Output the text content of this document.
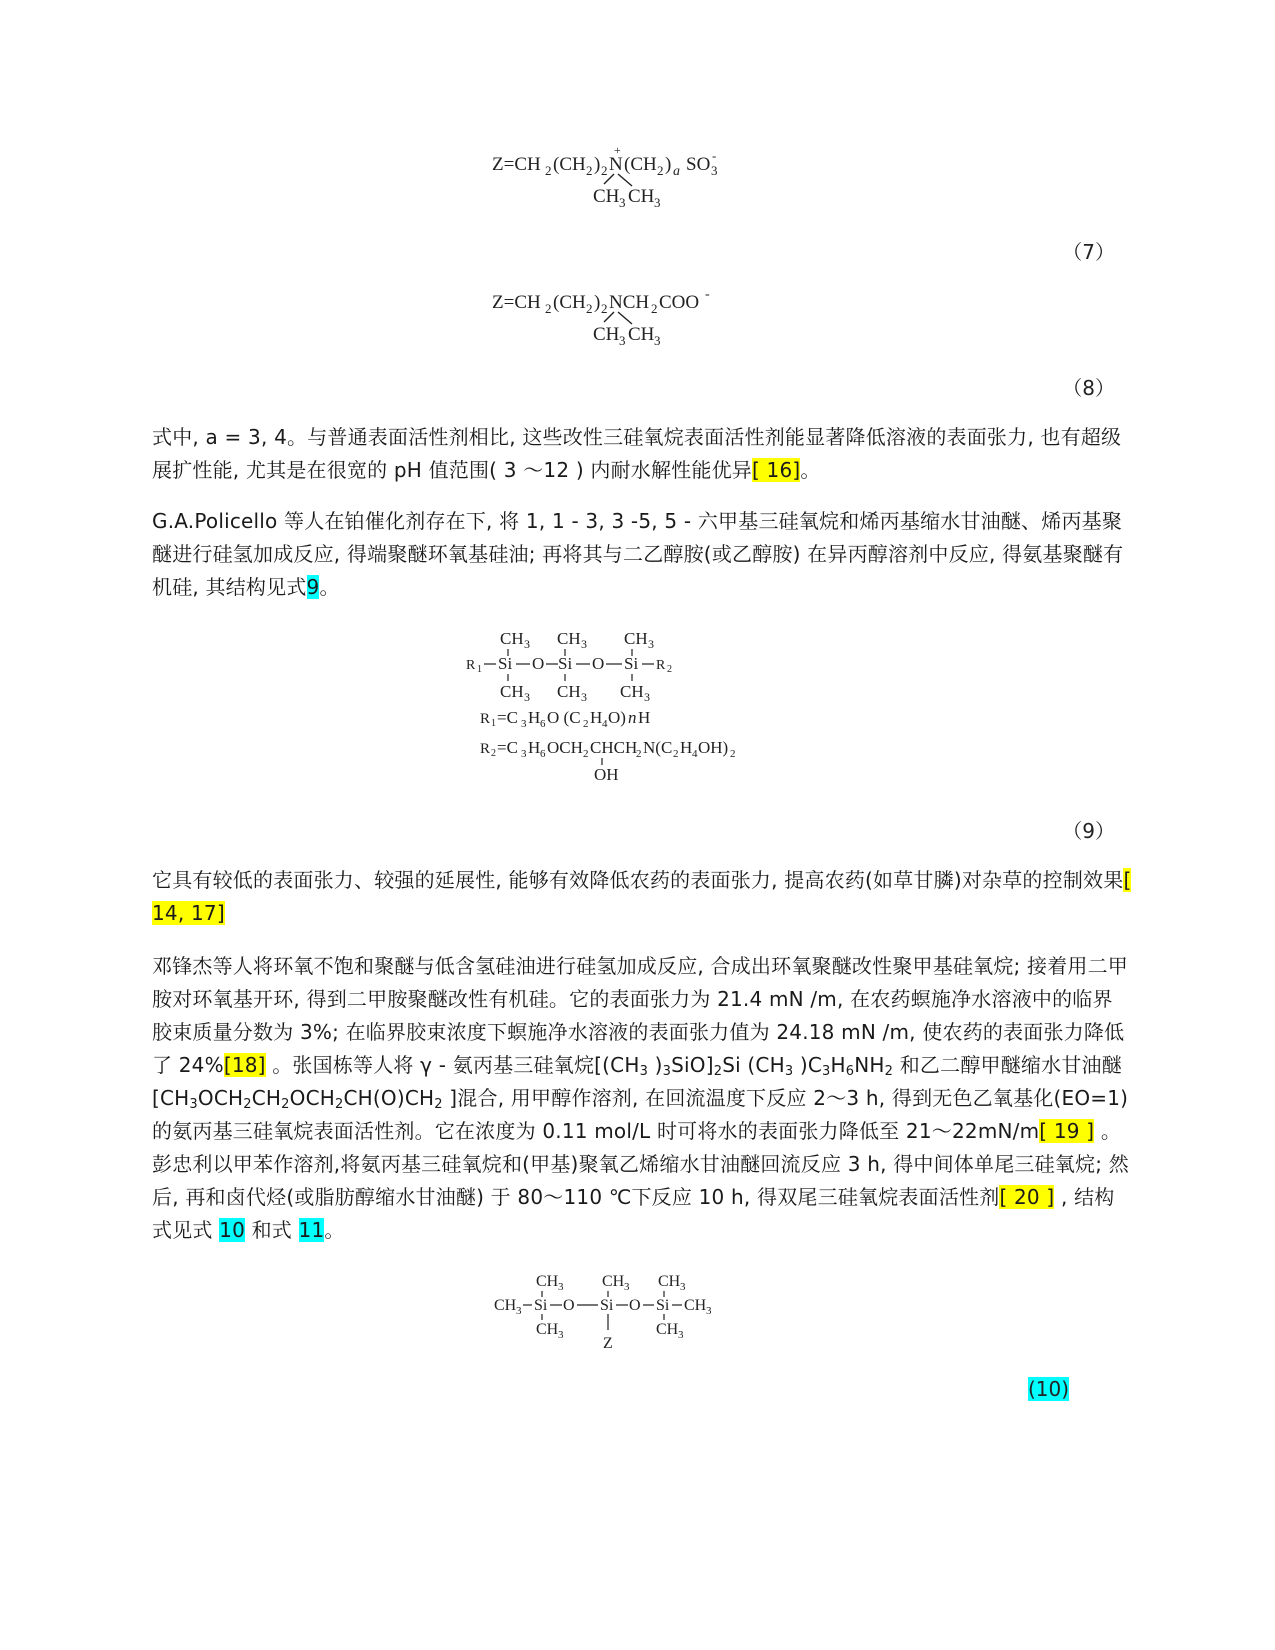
Z=CH 2 (CH 2 ) 2 N
+
(CH 2 ) a SO 3
-
CH 3 CH 3
（7）
Z=CH 2 (CH 2 ) 2 NCH 2 COO -
CH 3 CH 3
（8）

式中, a = 3, 4。与普通表面活性剂相比, 这些改性三硅氧烷表面活性剂能显著降低溶液的表面张力, 也有超级展扩性能, 尤其是在很宽的 pH 值范围( 3 ～12 ) 内耐水解性能优异[ 16]。

G.A.Policello 等人在铂催化剂存在下, 将 1, 1 - 3, 3 -5, 5 - 六甲基三硅氧烷和烯丙基缩水甘油醚、烯丙基聚醚进行硅氢加成反应, 得端聚醚环氧基硅油; 再将其与二乙醇胺(或乙醇胺) 在异丙醇溶剂中反应, 得氨基聚醚有机硅, 其结构见式9。

CH 3 CH 3 CH 3
R 1 Si O Si O Si R 2
CH 3 CH 3 CH 3
R 1 =C 3 H 6 O (C 2 H 4 O) n H
R 2 =C 3 H 6 OCH 2 CHCH
2 N(C 2 H 4 OH) 2
OH
（9）

它具有较低的表面张力、较强的延展性, 能够有效降低农药的表面张力, 提高农药(如草甘膦)对杂草的控制效果[ 14, 17]

邓锋杰等人将环氧不饱和聚醚与低含氢硅油进行硅氢加成反应, 合成出环氧聚醚改性聚甲基硅氧烷; 接着用二甲胺对环氧基开环, 得到二甲胺聚醚改性有机硅。它的表面张力为 21.4 mN /m, 在农药螟施净水溶液中的临界胶束质量分数为 3%; 在临界胶束浓度下螟施净水溶液的表面张力值为 24.18 mN /m, 使农药的表面张力降低了 24%[18] 。张国栋等人将 γ - 氨丙基三硅氧烷[($CH_3$ )$_3SiO]_2Si$ ($CH_3$ )$C_3H_6NH_2$ 和乙二醇甲醚缩水甘油醚[$CH_3OCH_2CH_2OCH_2CH(O)CH_2$ ]混合, 用甲醇作溶剂, 在回流温度下反应 2～3 h, 得到无色乙氧基化(EO=1) 的氨丙基三硅氧烷表面活性剂。它在浓度为 0.11 mol/L 时可将水的表面张力降低至 21～22mN/m[ 19 ] 。彭忠利以甲苯作溶剂,将氨丙基三硅氧烷和(甲基)聚氧乙烯缩水甘油醚回流反应 3 h, 得中间体单尾三硅氧烷; 然后, 再和卤代烃(或脂肪醇缩水甘油醚) 于 80～110 ℃下反应 10 h, 得双尾三硅氧烷表面活性剂[ 20 ] , 结构式见式 10 和式 11。

CH 3 CH 3 CH 3
CH 3 Si O Si O Si CH 3
CH 3	CH 3
Z
(10)
